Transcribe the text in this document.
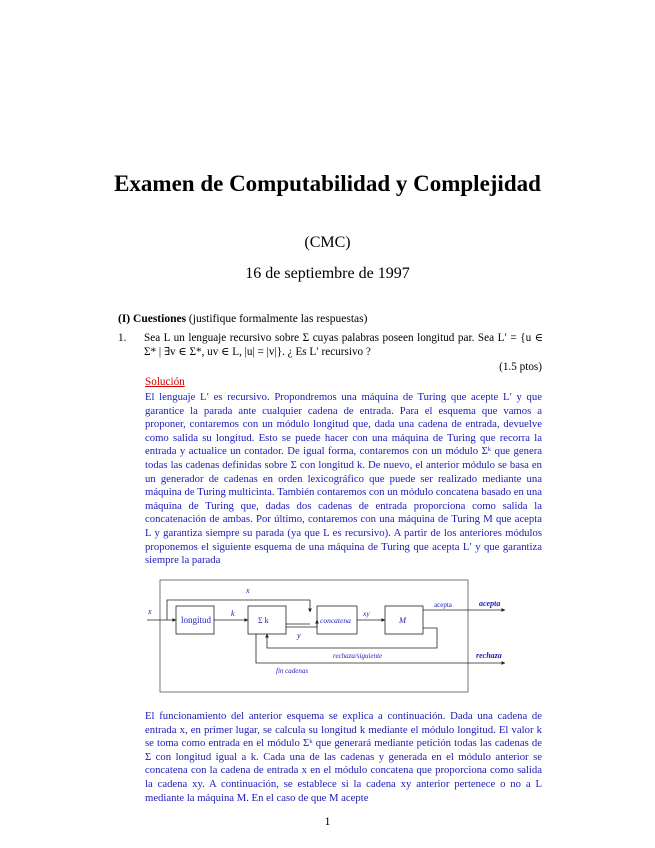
Examen de Computabilidad y Complejidad
(CMC)
16 de septiembre de 1997
(I) Cuestiones (justifique formalmente las respuestas)
1. Sea L un lenguaje recursivo sobre Σ cuyas palabras poseen longitud par. Sea L′ = {u ∈ Σ* | ∃v ∈ Σ*, uv ∈ L, |u| = |v|}. ¿ Es L′ recursivo ?
(1.5 ptos)
Solución
El lenguaje L′ es recursivo. Propondremos una máquina de Turing que acepte L′ y que garantice la parada ante cualquier cadena de entrada. Para el esquema que vamos a proponer, contaremos con un módulo longitud que, dada una cadena de entrada, devuelve como salida su longitud. Esto se puede hacer con una máquina de Turing que recorra la entrada y actualice un contador. De igual forma, contaremos con un módulo Σᵏ que genera todas las cadenas definidas sobre Σ con longitud k. De nuevo, el anterior módulo se basa en un generador de cadenas en orden lexicográfico que puede ser realizado mediante una máquina de Turing multicinta. También contaremos con un módulo concatena basado en una máquina de Turing que, dadas dos cadenas de entrada proporciona como salida la concatenación de ambas. Por último, contaremos con una máquina de Turing M que acepta L y garantiza siempre su parada (ya que L es recursivo). A partir de los anteriores módulos proponemos el siguiente esquema de una máquina de Turing que acepta L′ y que garantiza siempre la parada
x
x
longitud
k
Σ k
y
concatena
xy
M
acepta	acepta
rechaza/siguiente	rechaza
fin cadenas
El funcionamiento del anterior esquema se explica a continuación. Dada una cadena de entrada x, en primer lugar, se calcula su longitud k mediante el módulo longitud. El valor k se toma como entrada en el módulo Σᵏ que generará mediante petición todas las cadenas de Σ con longitud igual a k. Cada una de las cadenas y generada en el módulo anterior se concatena con la cadena de entrada x en el módulo concatena que proporciona como salida la cadena xy. A continuación, se establece si la cadena xy anterior pertenece o no a L mediante la máquina M. En el caso de que M acepte
1
